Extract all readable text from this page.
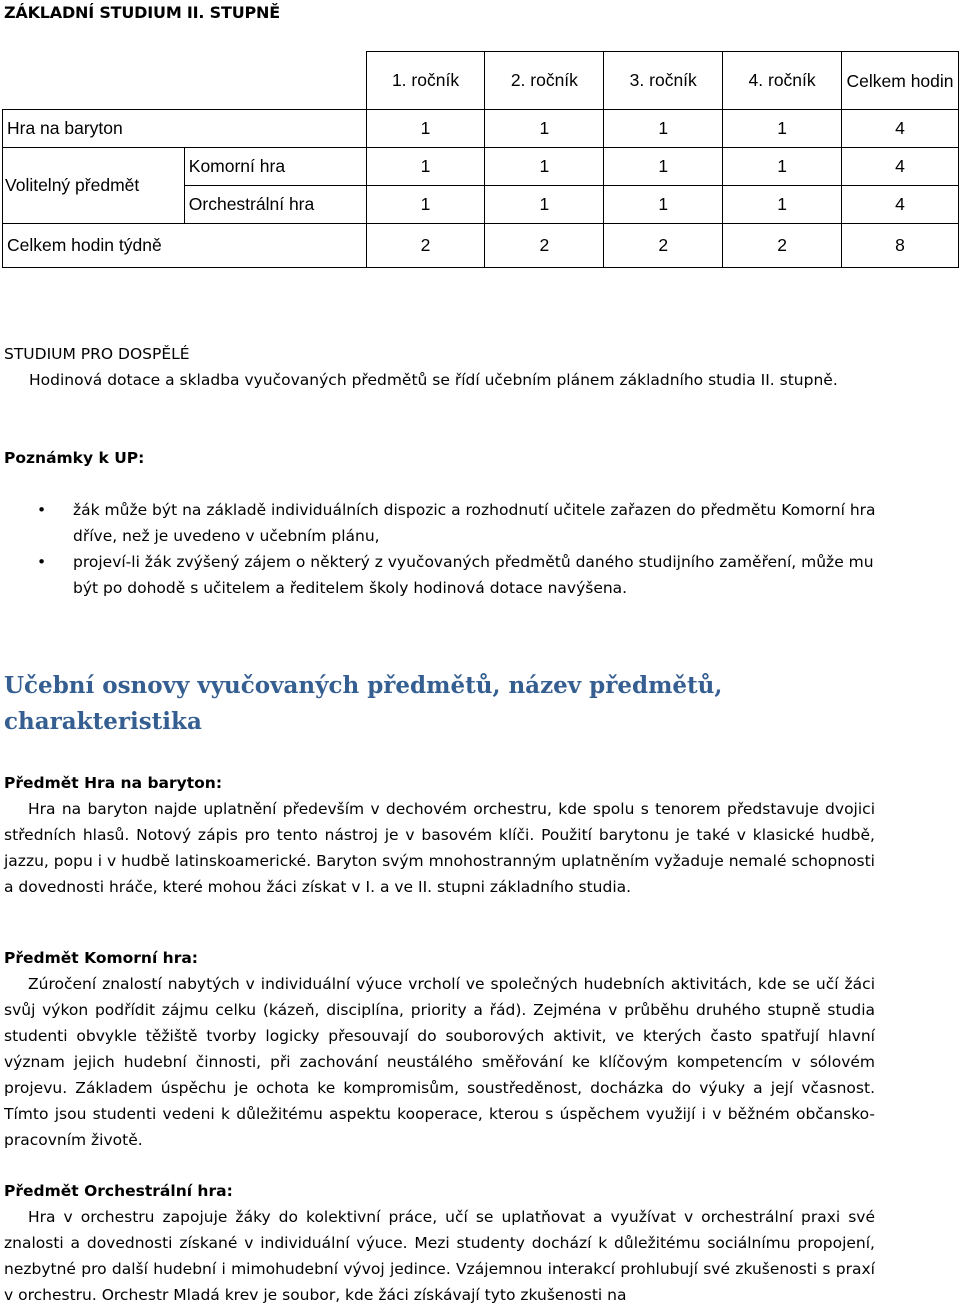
ZÁKLADNÍ STUDIUM II. STUPNĚ
		1. ročník	2. ročník	3. ročník	4. ročník	Celkem hodin
Hra na baryton		1	1	1	1	4
Volitelný předmět	Komorní hra	1	1	1	1	4
	Orchestrální hra	1	1	1	1	4
Celkem hodin týdně		2	2	2	2	8

STUDIUM PRO DOSPĚLÉ

Hodinová dotace a skladba vyučovaných předmětů se řídí učebním plánem základního studia II. stupně.

Poznámky k UP:

• žák může být na základě individuálních dispozic a rozhodnutí učitele zařazen do předmětu Komorní hra dříve, než je uvedeno v učebním plánu,
• projeví-li žák zvýšený zájem o některý z vyučovaných předmětů daného studijního zaměření, může mu být po dohodě s učitelem a ředitelem školy hodinová dotace navýšena.
Učební osnovy vyučovaných předmětů, název předmětů, charakteristika

Předmět Hra na baryton:

Hra na baryton najde uplatnění především v dechovém orchestru, kde spolu s tenorem představuje dvojici středních hlasů. Notový zápis pro tento nástroj je v basovém klíči. Použití barytonu je také v klasické hudbě, jazzu, popu i v hudbě latinskoamerické. Baryton svým mnohostranným uplatněním vyžaduje nemalé schopnosti a dovednosti hráče, které mohou žáci získat v I. a ve II. stupni základního studia.

Předmět Komorní hra:

Zúročení znalostí nabytých v individuální výuce vrcholí ve společných hudebních aktivitách, kde se učí žáci svůj výkon podřídit zájmu celku (kázeň, disciplína, priority a řád). Zejména v průběhu druhého stupně studia studenti obvykle těžiště tvorby logicky přesouvají do souborových aktivit, ve kterých často spatřují hlavní význam jejich hudební činnosti, při zachování neustálého směřování ke klíčovým kompetencím v sólovém projevu. Základem úspěchu je ochota ke kompromisům, soustředěnost, docházka do výuky a její včasnost. Tímto jsou studenti vedeni k důležitému aspektu kooperace, kterou s úspěchem využijí i v běžném občansko-pracovním životě.

Předmět Orchestrální hra:

Hra v orchestru zapojuje žáky do kolektivní práce, učí se uplatňovat a využívat v orchestrální praxi své znalosti a dovednosti získané v individuální výuce. Mezi studenty dochází k důležitému sociálnímu propojení, nezbytné pro další hudební i mimohudební vývoj jedince. Vzájemnou interakcí prohlubují své zkušenosti s praxí v orchestru. Orchestr Mladá krev je soubor, kde žáci získávají tyto zkušenosti na
